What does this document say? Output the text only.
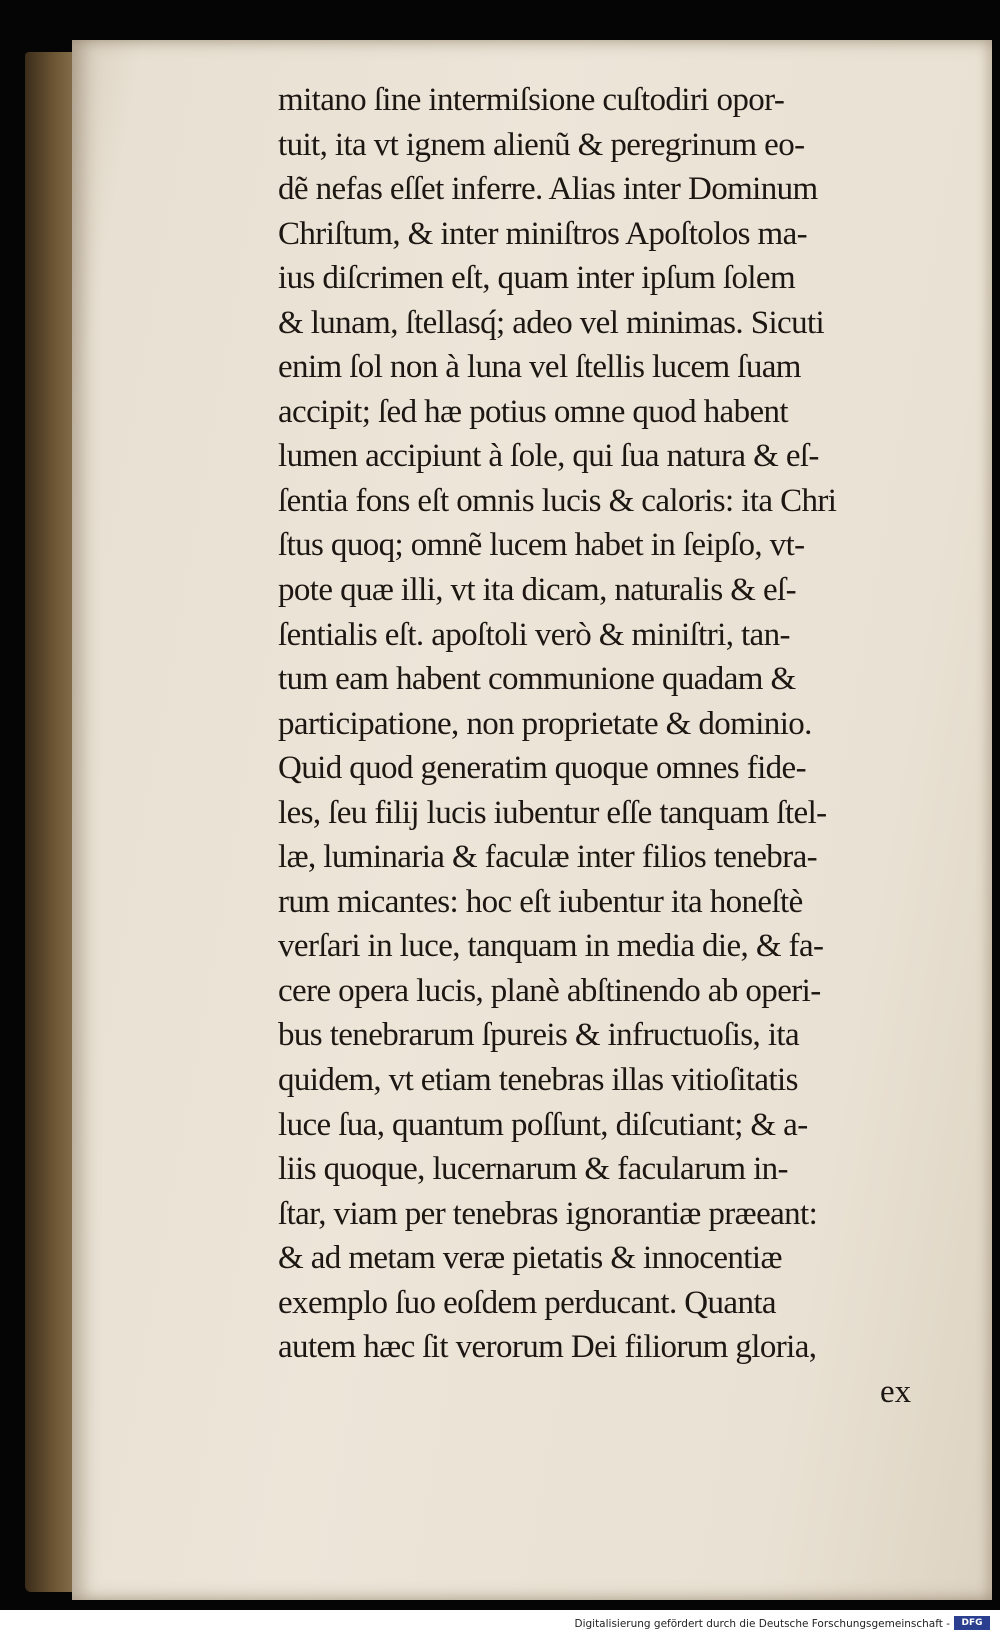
mitano ſine intermiſsione cuſtodiri opor-
tuit, ita vt ignem alienũ & peregrinum eo-
dẽ nefas eſſet inferre. Alias inter Dominum
Chriſtum, & inter miniſtros Apoſtolos ma-
ius diſcrimen eſt, quam inter ipſum ſolem
& lunam, ſtellasq́; adeo vel minimas. Sicuti
enim ſol non à luna vel ſtellis lucem ſuam
accipit; ſed hæ potius omne quod habent
lumen accipiunt à ſole, qui ſua natura & eſ-
ſentia fons eſt omnis lucis & caloris: ita Chri
ſtus quoq; omnẽ lucem habet in ſeipſo, vt-
pote quæ illi, vt ita dicam, naturalis & eſ-
ſentialis eſt. apoſtoli verò & miniſtri, tan-
tum eam habent communione quadam &
participatione, non proprietate & dominio.
Quid quod generatim quoque omnes fide-
les, ſeu filij lucis iubentur eſſe tanquam ſtel-
læ, luminaria & faculæ inter filios tenebra-
rum micantes: hoc eſt iubentur ita honeſtè
verſari in luce, tanquam in media die, & fa-
cere opera lucis, planè abſtinendo ab operi-
bus tenebrarum ſpureis & infructuoſis, ita
quidem, vt etiam tenebras illas vitioſitatis
luce ſua, quantum poſſunt, diſcutiant; & a-
liis quoque, lucernarum & facularum in-
ſtar, viam per tenebras ignorantiæ præeant:
& ad metam veræ pietatis & innocentiæ
exemplo ſuo eoſdem perducant. Quanta
autem hæc ſit verorum Dei filiorum gloria,
ex
Digitalisierung gefördert durch die Deutsche Forschungsgemeinschaft -	DFG
